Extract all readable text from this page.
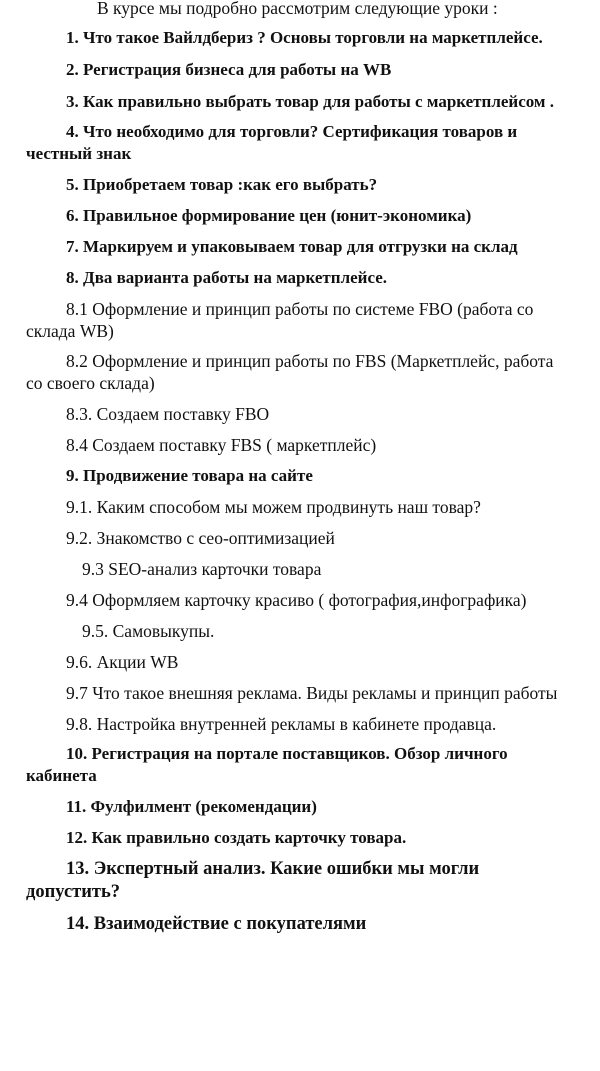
В курсе мы подробно рассмотрим следующие уроки :

1. Что такое Вайлдбериз ? Основы торговли на маркетплейсе.

2. Регистрация бизнеса для работы на WB

3. Как правильно выбрать товар для работы с маркетплейсом .

4. Что необходимо для торговли? Сертификация товаров и честный знак

5. Приобретаем товар :как его выбрать?

6. Правильное формирование цен (юнит-экономика)

7. Маркируем и упаковываем товар для отгрузки на склад

8. Два варианта работы на маркетплейсе.

8.1 Оформление и принцип работы по системе FBO (работа со склада WB)

8.2 Оформление и принцип работы по FBS (Маркетплейс, работа со своего склада)

8.3. Создаем поставку FBO

8.4 Создаем поставку FBS ( маркетплейс)

9. Продвижение товара на сайте

9.1. Каким способом мы можем продвинуть наш товар?

9.2. Знакомство с сео-оптимизацией

9.3 SEO-анализ карточки товара

9.4 Оформляем карточку красиво ( фотография,инфографика)

9.5. Самовыкупы.

9.6. Акции WB

9.7 Что такое внешняя реклама. Виды рекламы и принцип работы

9.8. Настройка внутренней рекламы в кабинете продавца.

10. Регистрация на портале поставщиков. Обзор личного кабинета

11. Фулфилмент (рекомендации)

12. Как правильно создать карточку товара.

13. Экспертный анализ. Какие ошибки мы могли допустить?

14. Взаимодействие с покупателями
